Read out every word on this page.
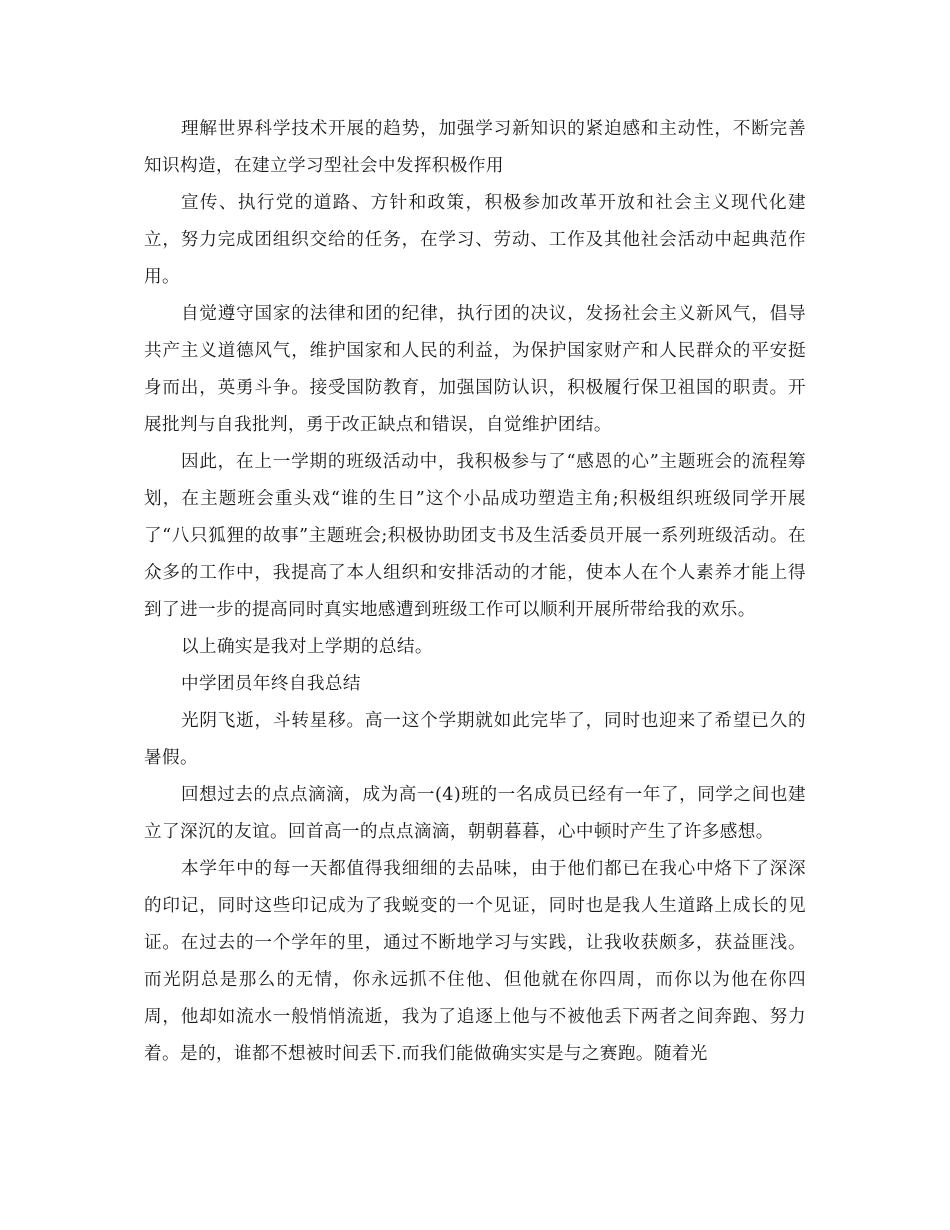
理解世界科学技术开展的趋势，加强学习新知识的紧迫感和主动性，不断完善知识构造，在建立学习型社会中发挥积极作用

宣传、执行党的道路、方针和政策，积极参加改革开放和社会主义现代化建立，努力完成团组织交给的任务，在学习、劳动、工作及其他社会活动中起典范作用。

自觉遵守国家的法律和团的纪律，执行团的决议，发扬社会主义新风气，倡导共产主义道德风气，维护国家和人民的利益，为保护国家财产和人民群众的平安挺身而出，英勇斗争。接受国防教育，加强国防认识，积极履行保卫祖国的职责。开展批判与自我批判，勇于改正缺点和错误，自觉维护团结。

因此，在上一学期的班级活动中，我积极参与了“感恩的心”主题班会的流程筹划，在主题班会重头戏“谁的生日”这个小品成功塑造主角;积极组织班级同学开展了“八只狐狸的故事”主题班会;积极协助团支书及生活委员开展一系列班级活动。在众多的工作中，我提高了本人组织和安排活动的才能，使本人在个人素养才能上得到了进一步的提高同时真实地感遭到班级工作可以顺利开展所带给我的欢乐。

以上确实是我对上学期的总结。

中学团员年终自我总结

光阴飞逝，斗转星移。高一这个学期就如此完毕了，同时也迎来了希望已久的暑假。

回想过去的点点滴滴，成为高一(4)班的一名成员已经有一年了，同学之间也建立了深沉的友谊。回首高一的点点滴滴，朝朝暮暮，心中顿时产生了许多感想。

本学年中的每一天都值得我细细的去品味，由于他们都已在我心中烙下了深深的印记，同时这些印记成为了我蜕变的一个见证，同时也是我人生道路上成长的见证。在过去的一个学年的里，通过不断地学习与实践，让我收获颇多，获益匪浅。而光阴总是那么的无情，你永远抓不住他、但他就在你四周，而你以为他在你四周，他却如流水一般悄悄流逝，我为了追逐上他与不被他丢下两者之间奔跑、努力着。是的，谁都不想被时间丢下.而我们能做确实实是与之赛跑。随着光
